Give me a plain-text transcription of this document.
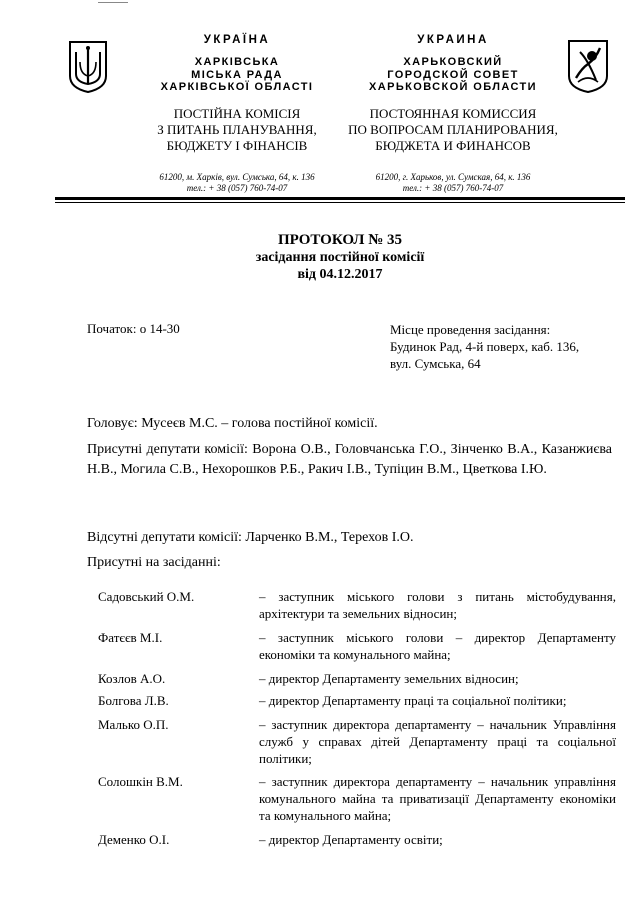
УКРАЇНА
ХАРКІВСЬКА
МІСЬКА РАДА
ХАРКІВСЬКОЇ ОБЛАСТІ
ПОСТІЙНА КОМІСІЯ
З ПИТАНЬ ПЛАНУВАННЯ,
БЮДЖЕТУ І ФІНАНСІВ
61200, м. Харків, вул. Сумська, 64, к. 136
тел.: + 38 (057) 760-74-07
УКРАИНА
ХАРЬКОВСКИЙ
ГОРОДСКОЙ СОВЕТ
ХАРЬКОВСКОЙ ОБЛАСТИ
ПОСТОЯННАЯ КОМИССИЯ
ПО ВОПРОСАМ ПЛАНИРОВАНИЯ,
БЮДЖЕТА И ФИНАНСОВ
61200, г. Харьков, ул. Сумская, 64, к. 136
тел.: + 38 (057) 760-74-07
ПРОТОКОЛ № 35
засідання постійної комісії
від 04.12.2017
Початок: о 14-30	Місце проведення засідання:
Будинок Рад, 4-й поверх, каб. 136,
вул. Сумська, 64
Головує: Мусеєв М.С. – голова постійної комісії.
Присутні депутати комісії: Ворона О.В., Головчанська Г.О., Зінченко В.А., Казанжиєва Н.В., Могила С.В., Нехорошков Р.Б., Ракич І.В., Тупіцин В.М., Цветкова І.Ю.
Відсутні депутати комісії: Ларченко В.М., Терехов І.О.
Присутні на засіданні:
Садовський О.М.	– заступник міського голови з питань містобудування, архітектури та земельних відносин;
Фатєєв М.І.	– заступник міського голови – директор Департаменту економіки та комунального майна;
Козлов А.О.	– директор Департаменту земельних відносин;
Болгова Л.В.	– директор Департаменту праці та соціальної політики;
Малько О.П.	– заступник директора департаменту – начальник Управління служб у справах дітей Департаменту праці та соціальної політики;
Солошкін В.М.	– заступник директора департаменту – начальник управління комунального майна та приватизації Департаменту економіки та комунального майна;
Деменко О.І.	– директор Департаменту освіти;
